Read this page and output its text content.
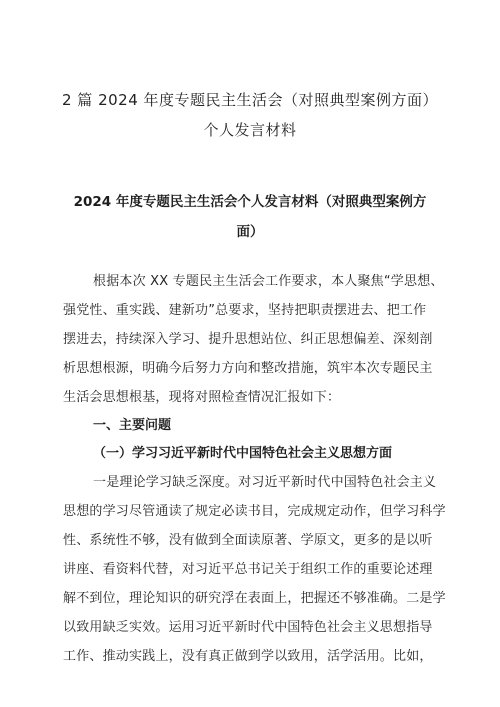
2 篇 2024 年度专题民主生活会（对照典型案例方面）
个人发言材料
2024 年度专题民主生活会个人发言材料（对照典型案例方
面）
根据本次 XX 专题民主生活会工作要求，本人聚焦“学思想、
强党性、重实践、建新功”总要求，坚持把职责摆进去、把工作
摆进去，持续深入学习、提升思想站位、纠正思想偏差、深刻剖
析思想根源，明确今后努力方向和整改措施，筑牢本次专题民主
生活会思想根基，现将对照检查情况汇报如下：
一、主要问题
（一）学习习近平新时代中国特色社会主义思想方面
一是理论学习缺乏深度。对习近平新时代中国特色社会主义
思想的学习尽管通读了规定必读书目，完成规定动作，但学习科学
性、系统性不够，没有做到全面读原著、学原文，更多的是以听
讲座、看资料代替，对习近平总书记关于组织工作的重要论述理
解不到位，理论知识的研究浮在表面上，把握还不够准确。二是学
以致用缺乏实效。运用习近平新时代中国特色社会主义思想指导
工作、推动实践上，没有真正做到学以致用，活学活用。比如，
